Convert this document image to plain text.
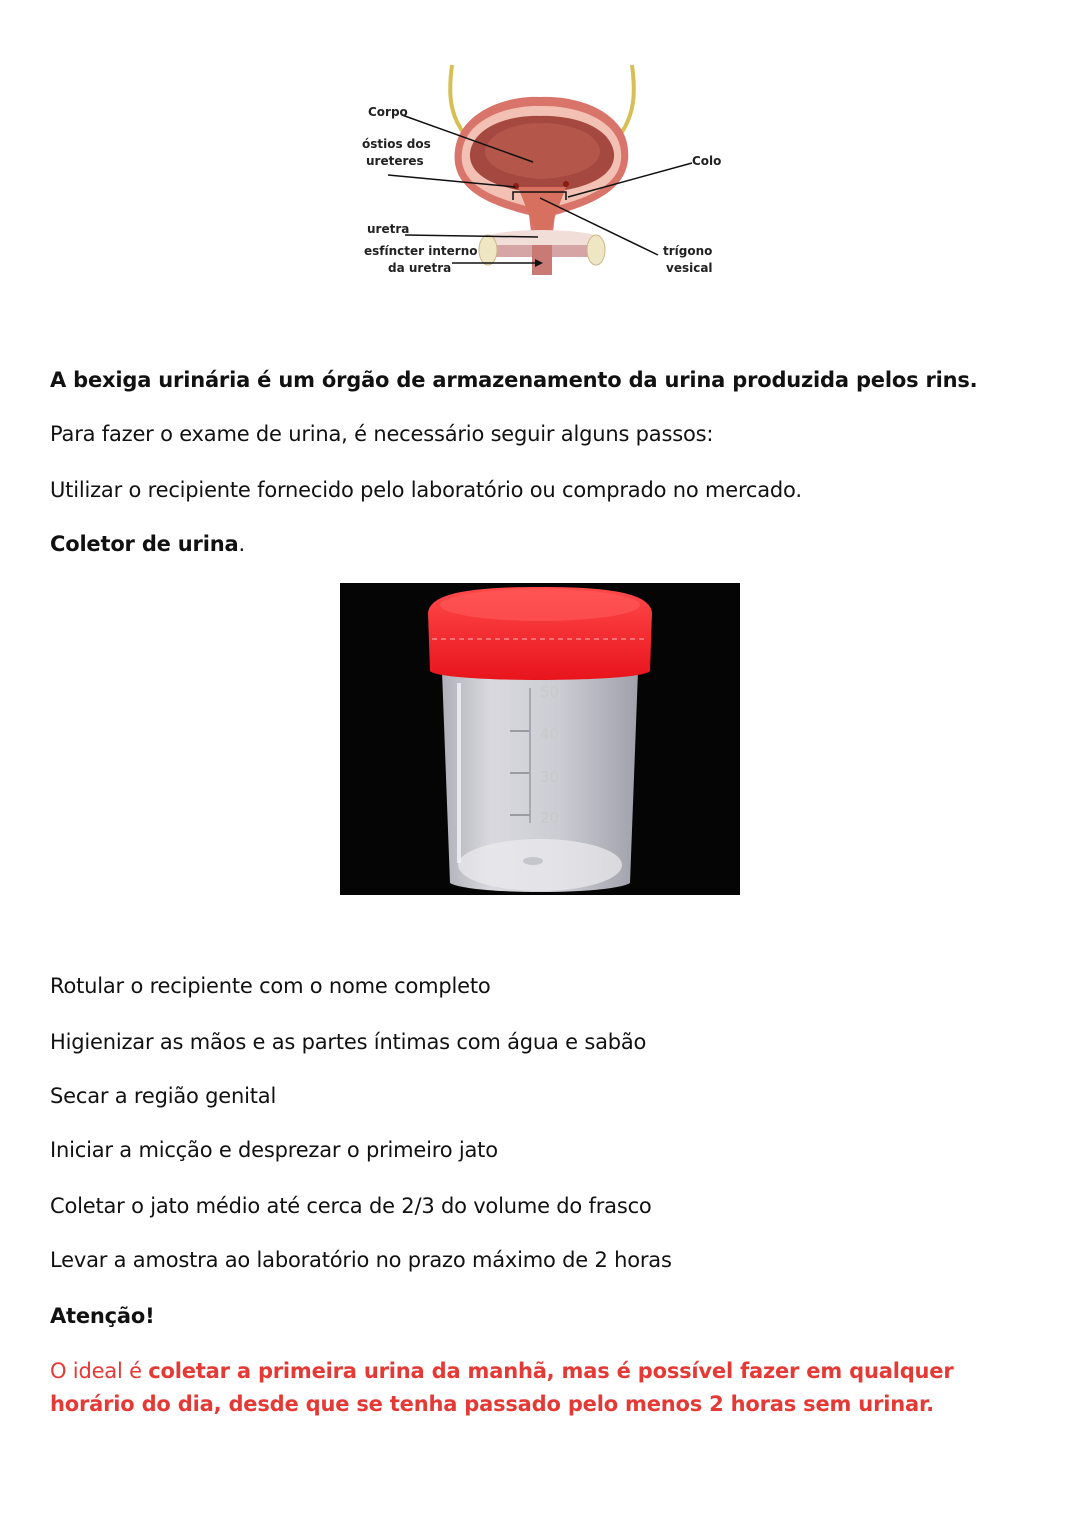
Corpo
óstios dos
ureteres	Colo
uretra
esfíncter interno
da uretra
trígono
vesical
A bexiga urinária é um órgão de armazenamento da urina produzida pelos rins.
Para fazer o exame de urina, é necessário seguir alguns passos:
Utilizar o recipiente fornecido pelo laboratório ou comprado no mercado.
Coletor de urina.
50
40
30
20
Rotular o recipiente com o nome completo
Higienizar as mãos e as partes íntimas com água e sabão
Secar a região genital
Iniciar a micção e desprezar o primeiro jato
Coletar o jato médio até cerca de 2/3 do volume do frasco
Levar a amostra ao laboratório no prazo máximo de 2 horas
Atenção!
O ideal é coletar a primeira urina da manhã, mas é possível fazer em qualquer horário do dia, desde que se tenha passado pelo menos 2 horas sem urinar.
